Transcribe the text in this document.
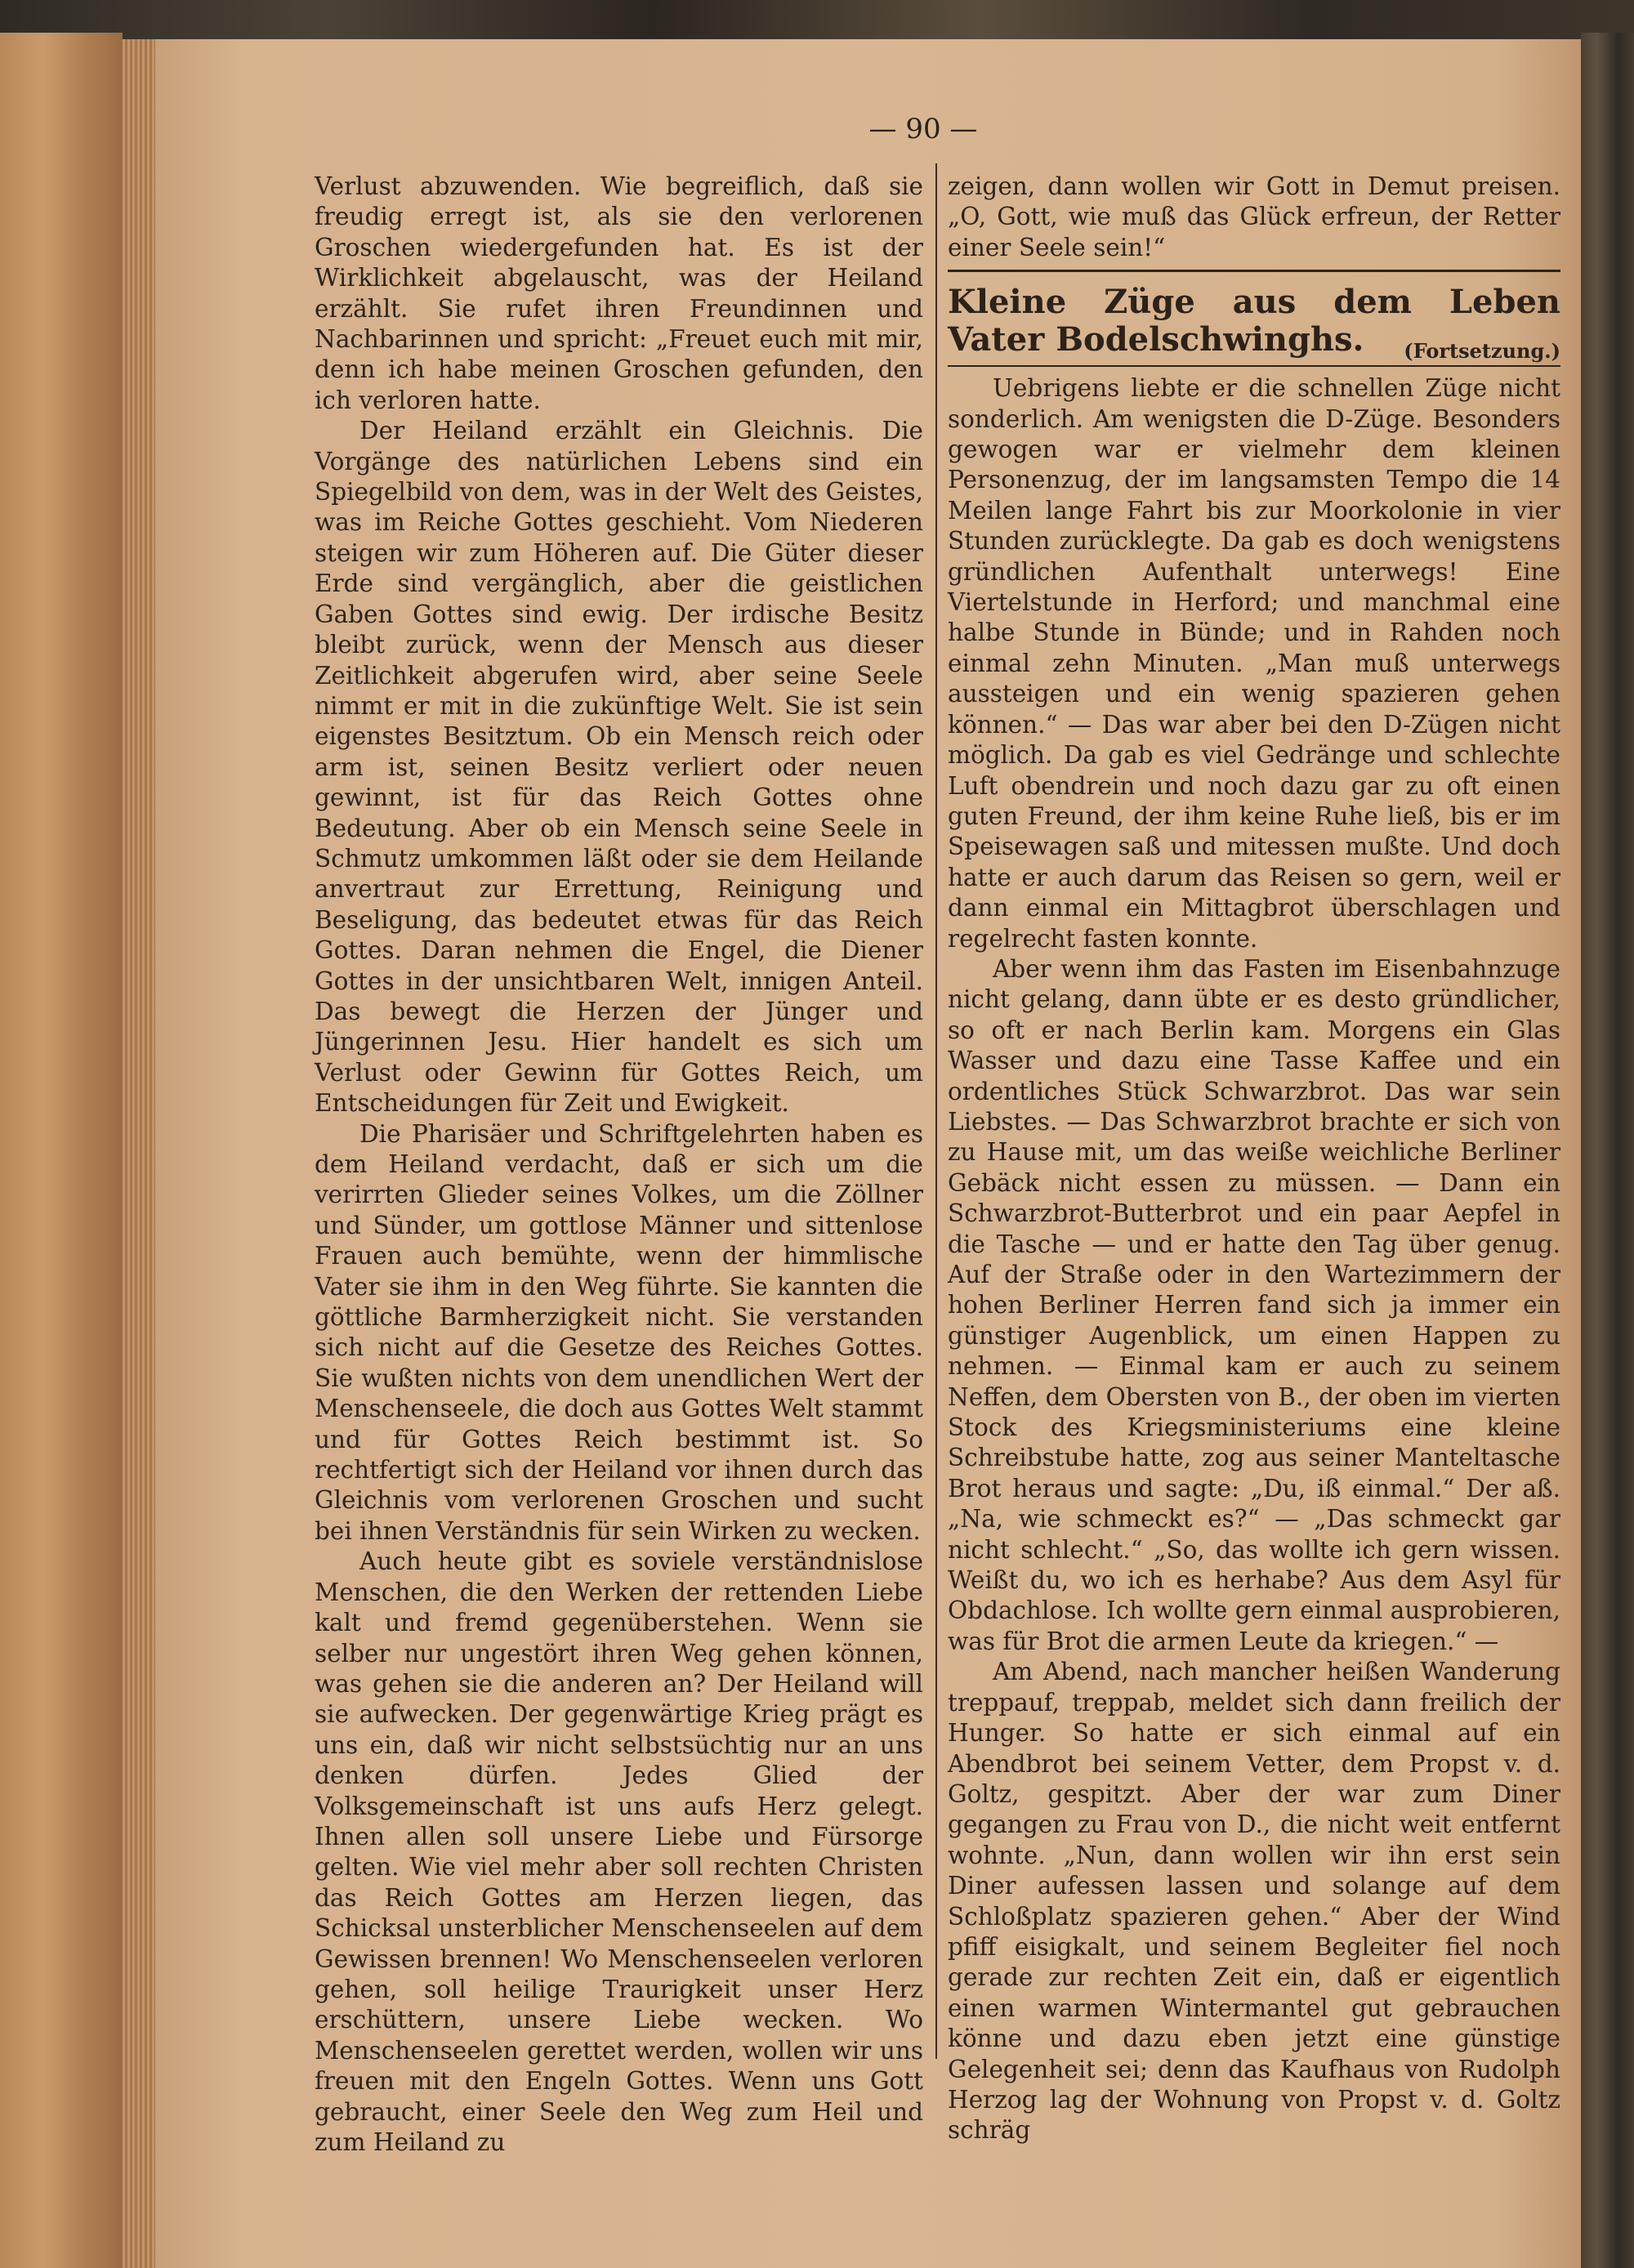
— 90 —

Verlust abzuwenden. Wie begreiflich, daß sie freudig erregt ist, als sie den verlorenen Groschen wiedergefunden hat. Es ist der Wirklichkeit abgelauscht, was der Heiland erzählt. Sie rufet ihren Freundinnen und Nachbarinnen und spricht: „Freuet euch mit mir, denn ich habe meinen Groschen gefunden, den ich verloren hatte.

Der Heiland erzählt ein Gleichnis. Die Vorgänge des natürlichen Lebens sind ein Spiegelbild von dem, was in der Welt des Geistes, was im Reiche Gottes geschieht. Vom Niederen steigen wir zum Höheren auf. Die Güter dieser Erde sind vergänglich, aber die geistlichen Gaben Gottes sind ewig. Der irdische Besitz bleibt zurück, wenn der Mensch aus dieser Zeitlichkeit abgerufen wird, aber seine Seele nimmt er mit in die zukünftige Welt. Sie ist sein eigenstes Besitztum. Ob ein Mensch reich oder arm ist, seinen Besitz verliert oder neuen gewinnt, ist für das Reich Gottes ohne Bedeutung. Aber ob ein Mensch seine Seele in Schmutz umkommen läßt oder sie dem Heilande anvertraut zur Errettung, Reinigung und Beseligung, das bedeutet etwas für das Reich Gottes. Daran nehmen die Engel, die Diener Gottes in der unsichtbaren Welt, innigen Anteil. Das bewegt die Herzen der Jünger und Jüngerinnen Jesu. Hier handelt es sich um Verlust oder Gewinn für Gottes Reich, um Entscheidungen für Zeit und Ewigkeit.

Die Pharisäer und Schriftgelehrten haben es dem Heiland verdacht, daß er sich um die verirrten Glieder seines Volkes, um die Zöllner und Sünder, um gottlose Männer und sittenlose Frauen auch bemühte, wenn der himmlische Vater sie ihm in den Weg führte. Sie kannten die göttliche Barmherzigkeit nicht. Sie verstanden sich nicht auf die Gesetze des Reiches Gottes. Sie wußten nichts von dem unendlichen Wert der Menschenseele, die doch aus Gottes Welt stammt und für Gottes Reich bestimmt ist. So rechtfertigt sich der Heiland vor ihnen durch das Gleichnis vom verlorenen Groschen und sucht bei ihnen Verständnis für sein Wirken zu wecken.

Auch heute gibt es soviele verständnislose Menschen, die den Werken der rettenden Liebe kalt und fremd gegenüberstehen. Wenn sie selber nur ungestört ihren Weg gehen können, was gehen sie die anderen an? Der Heiland will sie aufwecken. Der gegenwärtige Krieg prägt es uns ein, daß wir nicht selbstsüchtig nur an uns denken dürfen. Jedes Glied der Volksgemeinschaft ist uns aufs Herz gelegt. Ihnen allen soll unsere Liebe und Fürsorge gelten. Wie viel mehr aber soll rechten Christen das Reich Gottes am Herzen liegen, das Schicksal unsterblicher Menschenseelen auf dem Gewissen brennen! Wo Menschenseelen verloren gehen, soll heilige Traurigkeit unser Herz erschüttern, unsere Liebe wecken. Wo Menschenseelen gerettet werden, wollen wir uns freuen mit den Engeln Gottes. Wenn uns Gott gebraucht, einer Seele den Weg zum Heil und zum Heiland zu

zeigen, dann wollen wir Gott in Demut preisen. „O, Gott, wie muß das Glück erfreun, der Retter einer Seele sein!“

Kleine Züge aus dem Leben Vater Bodelschwinghs. (Fortsetzung.)

Uebrigens liebte er die schnellen Züge nicht sonderlich. Am wenigsten die D-Züge. Besonders gewogen war er vielmehr dem kleinen Personenzug, der im langsamsten Tempo die 14 Meilen lange Fahrt bis zur Moorkolonie in vier Stunden zurücklegte. Da gab es doch wenigstens gründlichen Aufenthalt unterwegs! Eine Viertelstunde in Herford; und manchmal eine halbe Stunde in Bünde; und in Rahden noch einmal zehn Minuten. „Man muß unterwegs aussteigen und ein wenig spazieren gehen können.“ — Das war aber bei den D-Zügen nicht möglich. Da gab es viel Gedränge und schlechte Luft obendrein und noch dazu gar zu oft einen guten Freund, der ihm keine Ruhe ließ, bis er im Speisewagen saß und mitessen mußte. Und doch hatte er auch darum das Reisen so gern, weil er dann einmal ein Mittagbrot überschlagen und regelrecht fasten konnte.

Aber wenn ihm das Fasten im Eisenbahnzuge nicht gelang, dann übte er es desto gründlicher, so oft er nach Berlin kam. Morgens ein Glas Wasser und dazu eine Tasse Kaffee und ein ordentliches Stück Schwarzbrot. Das war sein Liebstes. — Das Schwarzbrot brachte er sich von zu Hause mit, um das weiße weichliche Berliner Gebäck nicht essen zu müssen. — Dann ein Schwarzbrot-Butterbrot und ein paar Aepfel in die Tasche — und er hatte den Tag über genug. Auf der Straße oder in den Wartezimmern der hohen Berliner Herren fand sich ja immer ein günstiger Augenblick, um einen Happen zu nehmen. — Einmal kam er auch zu seinem Neffen, dem Obersten von B., der oben im vierten Stock des Kriegsministeriums eine kleine Schreibstube hatte, zog aus seiner Manteltasche Brot heraus und sagte: „Du, iß einmal.“ Der aß. „Na, wie schmeckt es?“ — „Das schmeckt gar nicht schlecht.“ „So, das wollte ich gern wissen. Weißt du, wo ich es herhabe? Aus dem Asyl für Obdachlose. Ich wollte gern einmal ausprobieren, was für Brot die armen Leute da kriegen.“ —

Am Abend, nach mancher heißen Wanderung treppauf, treppab, meldet sich dann freilich der Hunger. So hatte er sich einmal auf ein Abendbrot bei seinem Vetter, dem Propst v. d. Goltz, gespitzt. Aber der war zum Diner gegangen zu Frau von D., die nicht weit entfernt wohnte. „Nun, dann wollen wir ihn erst sein Diner aufessen lassen und solange auf dem Schloßplatz spazieren gehen.“ Aber der Wind pfiff eisigkalt, und seinem Begleiter fiel noch gerade zur rechten Zeit ein, daß er eigentlich einen warmen Wintermantel gut gebrauchen könne und dazu eben jetzt eine günstige Gelegenheit sei; denn das Kaufhaus von Rudolph Herzog lag der Wohnung von Propst v. d. Goltz schräg
